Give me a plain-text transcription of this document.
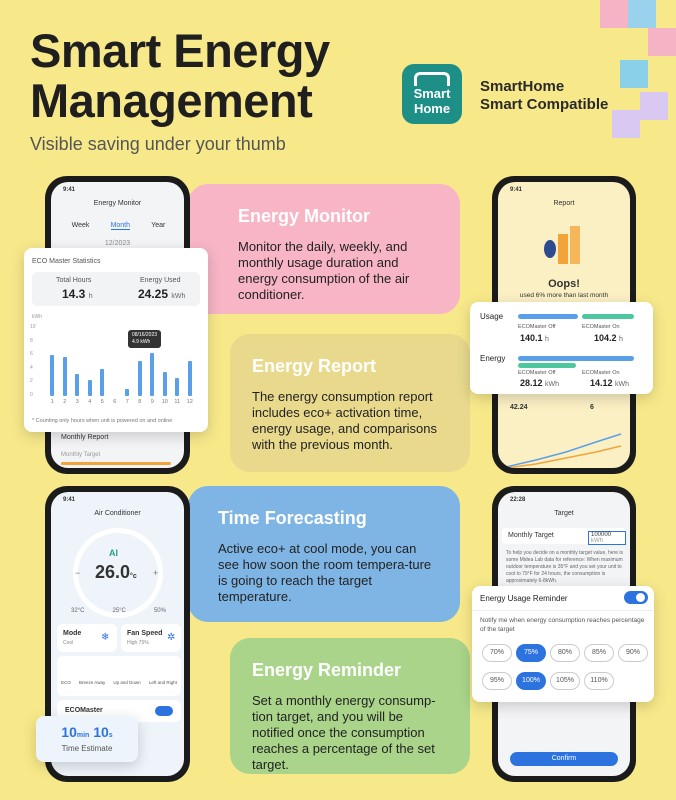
Smart Energy
Management
Visible saving under your thumb
Smart
Home
SmartHome
Smart Compatible
Energy Monitor

Monitor the daily, weekly, and monthly usage duration and energy consumption of the air conditioner.

Energy Report

The energy consumption report includes eco+ activation time, energy usage, and comparisons with the previous month.

Time Forecasting

Active eco+ at cool mode, you can see how soon the room tempera-ture is going to reach the target temperature.

Energy Reminder

Set a monthly energy consump-tion target, and you will be notified once the consumption reaches a percentage of the set target.

9:41
Energy Monitor
Week	Month	Year
12/2023
Monthly Report
Monthly Target
ECO Master Statistics
Total Hours
14.3 h
Energy Used
24.25 kWh
kWh
10
8
6
4
2
0
1	2	3	4	5	6	7	8	9	10	11	12
08/16/2023
4.9 kWh
* Counting only hours when unit is powered on and online
9:41
Report
Oops!
used 6% more than last month
42.24	6
Usage
ECOMaster Off	ECOMaster On
140.1 h	104.2 h
Energy
ECOMaster Off	ECOMaster On
28.12 kWh	14.12 kWh
9:41
Air Conditioner
AI
− 26.0°c +
32°C	25°C	50%
Mode
Cool	❄	Fan Speed
High 75% ✲
ECO Breeze Away Up and Down Left and Right
ECOMaster
10min 10s
Time Estimate
22:28
Target
Monthly Target	100000 kWh
To help you decide on a monthly target value, here is some Midea Lab data for reference: When maximum outdoor temperature is 35°F and you set your unit to cool to 79°F for 24 hours, the consumption is approximately 6-8kWh.
Confirm
Energy Usage Reminder
Notify me when energy consumption reaches percentage of the target
70%	75%	80%	85%	90%
95%	100%	105%	110%
